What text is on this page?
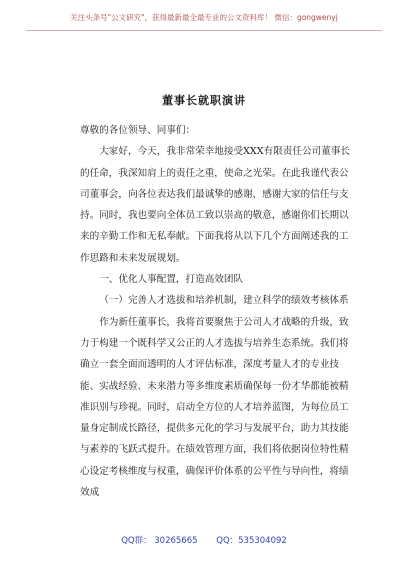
关注头条号"公文研究"，获得最新最全最专业的公文资料库！ 微信：gongwenyj
董事长就职演讲

尊敬的各位领导、同事们：

大家好，今天，我非常荣幸地接受XXX有限责任公司董事长的任命，我深知肩上的责任之重，使命之光荣。在此我谨代表公司董事会，向各位表达我们最诚挚的感谢，感谢大家的信任与支持。同时，我也要向全体员工致以崇高的敬意，感谢你们长期以来的辛勤工作和无私奉献。下面我将从以下几个方面阐述我的工作思路和未来发展规划。

一、优化人事配置，打造高效团队

（一）完善人才选拔和培养机制，建立科学的绩效考核体系

作为新任董事长，我将首要聚焦于公司人才战略的升级，致力于构建一个既科学又公正的人才选拔与培养生态系统。我们将确立一套全面而透明的人才评估标准，深度考量人才的专业技能、实战经验、未来潜力等多维度素质确保每一份才华都能被精准识别与珍视。同时，启动全方位的人才培养蓝图，为每位员工量身定制成长路径，提供多元化的学习与发展平台，助力其技能与素养的飞跃式提升。在绩效管理方面，我们将依据岗位特性精心设定考核维度与权重，确保评价体系的公平性与导向性，将绩效成

QQ群： 30265665 QQ：535304092
